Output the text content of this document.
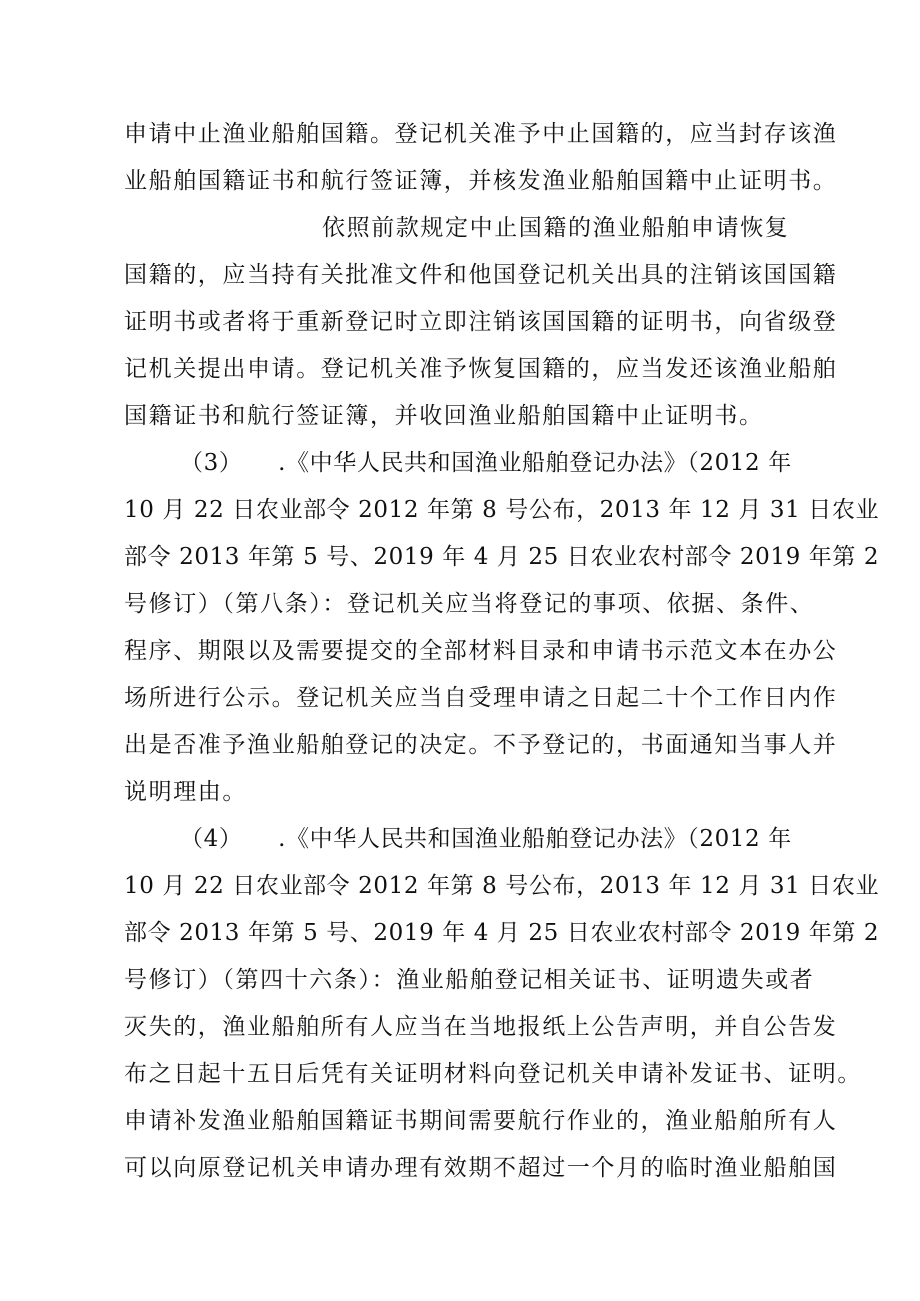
申请中止渔业船舶国籍。登记机关准予中止国籍的，应当封存该渔
业船舶国籍证书和航行签证簿，并核发渔业船舶国籍中止证明书。
依照前款规定中止国籍的渔业船舶申请恢复
国籍的，应当持有关批准文件和他国登记机关出具的注销该国国籍
证明书或者将于重新登记时立即注销该国国籍的证明书，向省级登
记机关提出申请。登记机关准予恢复国籍的，应当发还该渔业船舶
国籍证书和航行签证簿，并收回渔业船舶国籍中止证明书。
（3）　　.《中华人民共和国渔业船舶登记办法》（2012 年
10 月 22 日农业部令 2012 年第 8 号公布，2013 年 12 月 31 日农业
部令 2013 年第 5 号、2019 年 4 月 25 日农业农村部令 2019 年第 2
号修订）（第八条）：登记机关应当将登记的事项、依据、条件、
程序、期限以及需要提交的全部材料目录和申请书示范文本在办公
场所进行公示。登记机关应当自受理申请之日起二十个工作日内作
出是否准予渔业船舶登记的决定。不予登记的，书面通知当事人并
说明理由。
（4）　　.《中华人民共和国渔业船舶登记办法》（2012 年
10 月 22 日农业部令 2012 年第 8 号公布，2013 年 12 月 31 日农业
部令 2013 年第 5 号、2019 年 4 月 25 日农业农村部令 2019 年第 2
号修订）（第四十六条）：渔业船舶登记相关证书、证明遗失或者
灭失的，渔业船舶所有人应当在当地报纸上公告声明，并自公告发
布之日起十五日后凭有关证明材料向登记机关申请补发证书、证明。
申请补发渔业船舶国籍证书期间需要航行作业的，渔业船舶所有人
可以向原登记机关申请办理有效期不超过一个月的临时渔业船舶国
